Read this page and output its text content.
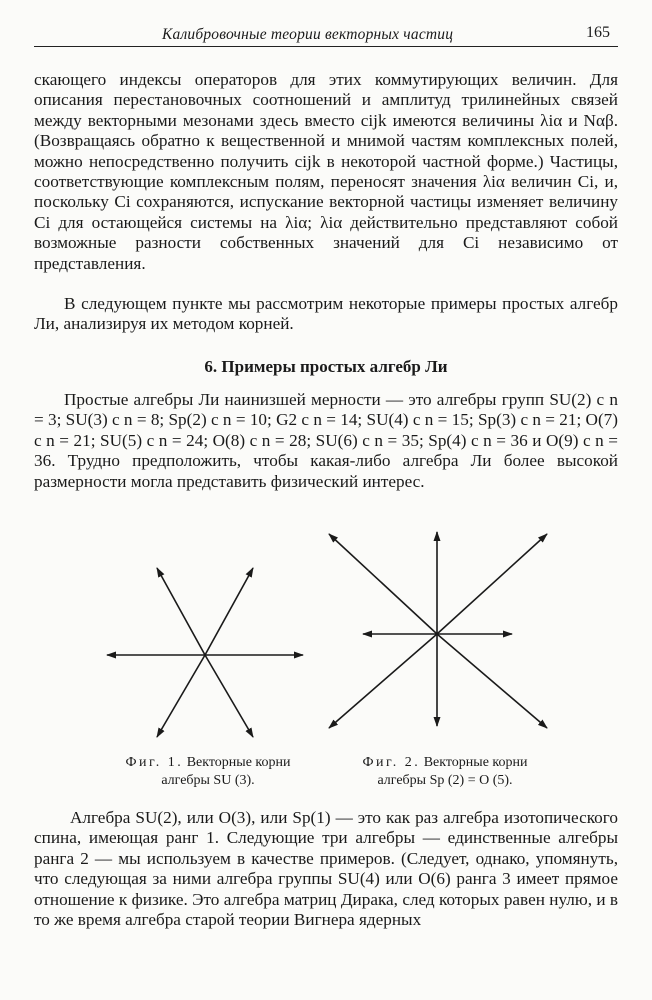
Калибровочные теории векторных частиц	165

скающего индексы операторов для этих коммутирующих величин. Для описания перестановочных соотношений и амплитуд трилинейных связей между векторными мезонами здесь вместо cijk имеются величины λiα и Nαβ. (Возвращаясь обратно к вещественной и мнимой частям комплексных полей, можно непосредственно получить cijk в некоторой частной форме.) Частицы, соответствующие комплексным полям, переносят значения λiα величин Ci, и, поскольку Ci сохраняются, испускание векторной частицы изменяет величину Ci для остающейся системы на λiα; λiα действительно представляют собой возможные разности собственных значений для Ci независимо от представления.

В следующем пункте мы рассмотрим некоторые примеры простых алгебр Ли, анализируя их методом корней.

6. Примеры простых алгебр Ли

Простые алгебры Ли наинизшей мерности — это алгебры групп SU(2) с n = 3; SU(3) с n = 8; Sp(2) с n = 10; G2 с n = 14; SU(4) с n = 15; Sp(3) с n = 21; O(7) с n = 21; SU(5) с n = 24; O(8) с n = 28; SU(6) с n = 35; Sp(4) с n = 36 и O(9) с n = 36. Трудно предположить, чтобы какая-либо алгебра Ли более высокой размерности могла представить физический интерес.

Фиг. 1. Векторные корни алгебры SU (3).
Фиг. 2. Векторные корни алгебры Sp (2) = O (5).

Алгебра SU(2), или O(3), или Sp(1) — это как раз алгебра изотопического спина, имеющая ранг 1. Следующие три алгебры — единственные алгебры ранга 2 — мы используем в качестве примеров. (Следует, однако, упомянуть, что следующая за ними алгебра группы SU(4) или O(6) ранга 3 имеет прямое отношение к физике. Это алгебра матриц Дирака, след которых равен нулю, и в то же время алгебра старой теории Вигнера ядерных
